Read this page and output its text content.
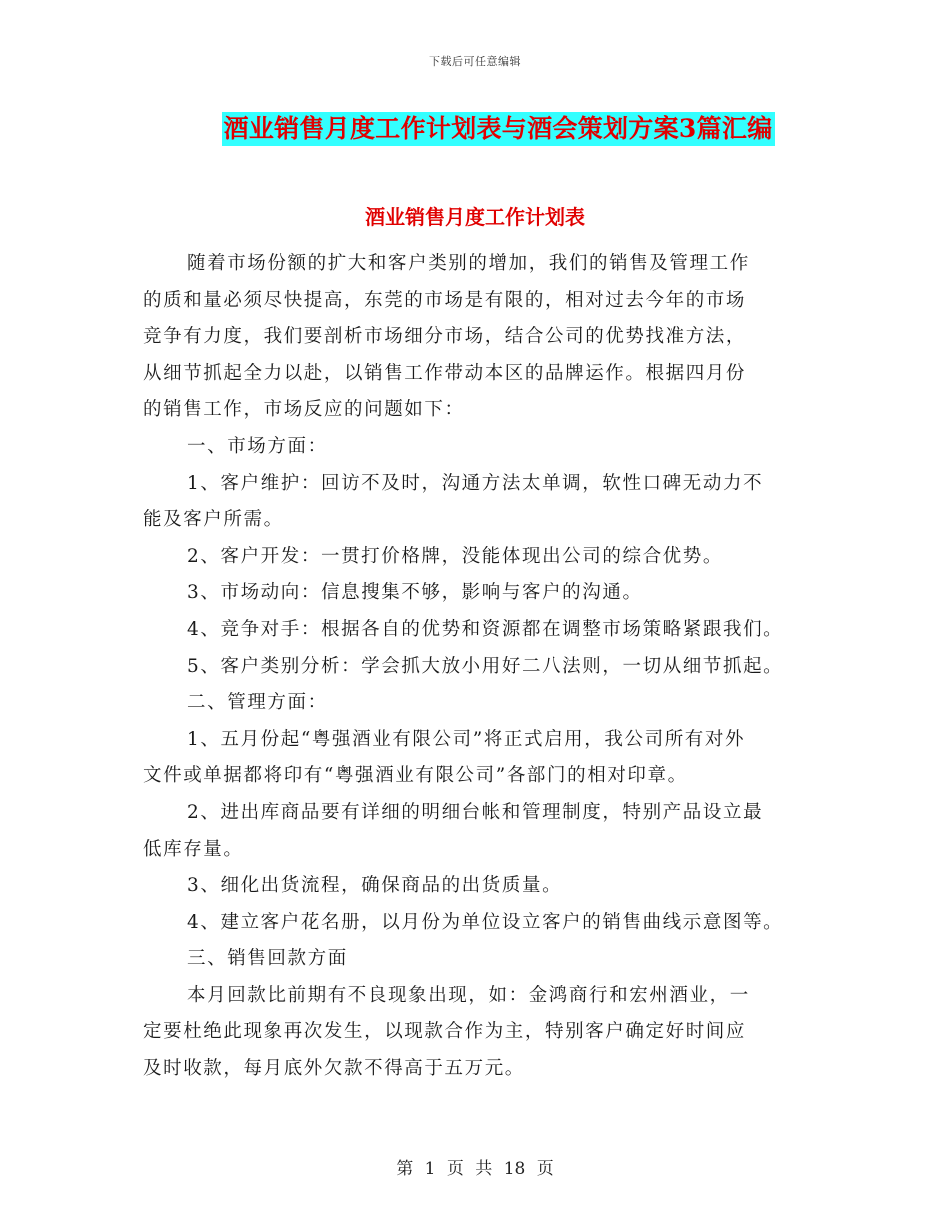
下载后可任意编辑
酒业销售月度工作计划表与酒会策划方案3篇汇编
酒业销售月度工作计划表
随着市场份额的扩大和客户类别的增加，我们的销售及管理工作
的质和量必须尽快提高，东莞的市场是有限的，相对过去今年的市场
竞争有力度，我们要剖析市场细分市场，结合公司的优势找准方法，
从细节抓起全力以赴，以销售工作带动本区的品牌运作。根据四月份
的销售工作，市场反应的问题如下：
一、市场方面：
1、客户维护：回访不及时，沟通方法太单调，软性口碑无动力不
能及客户所需。
2、客户开发：一贯打价格牌，没能体现出公司的综合优势。
3、市场动向：信息搜集不够，影响与客户的沟通。
4、竞争对手：根据各自的优势和资源都在调整市场策略紧跟我们。
5、客户类别分析：学会抓大放小用好二八法则，一切从细节抓起。
二、管理方面：
1、五月份起“粤强酒业有限公司”将正式启用，我公司所有对外
文件或单据都将印有“粤强酒业有限公司”各部门的相对印章。
2、进出库商品要有详细的明细台帐和管理制度，特别产品设立最
低库存量。
3、细化出货流程，确保商品的出货质量。
4、建立客户花名册，以月份为单位设立客户的销售曲线示意图等。
三、销售回款方面
本月回款比前期有不良现象出现，如：金鸿商行和宏州酒业，一
定要杜绝此现象再次发生，以现款合作为主，特别客户确定好时间应
及时收款，每月底外欠款不得高于五万元。
第 1 页 共 18 页
